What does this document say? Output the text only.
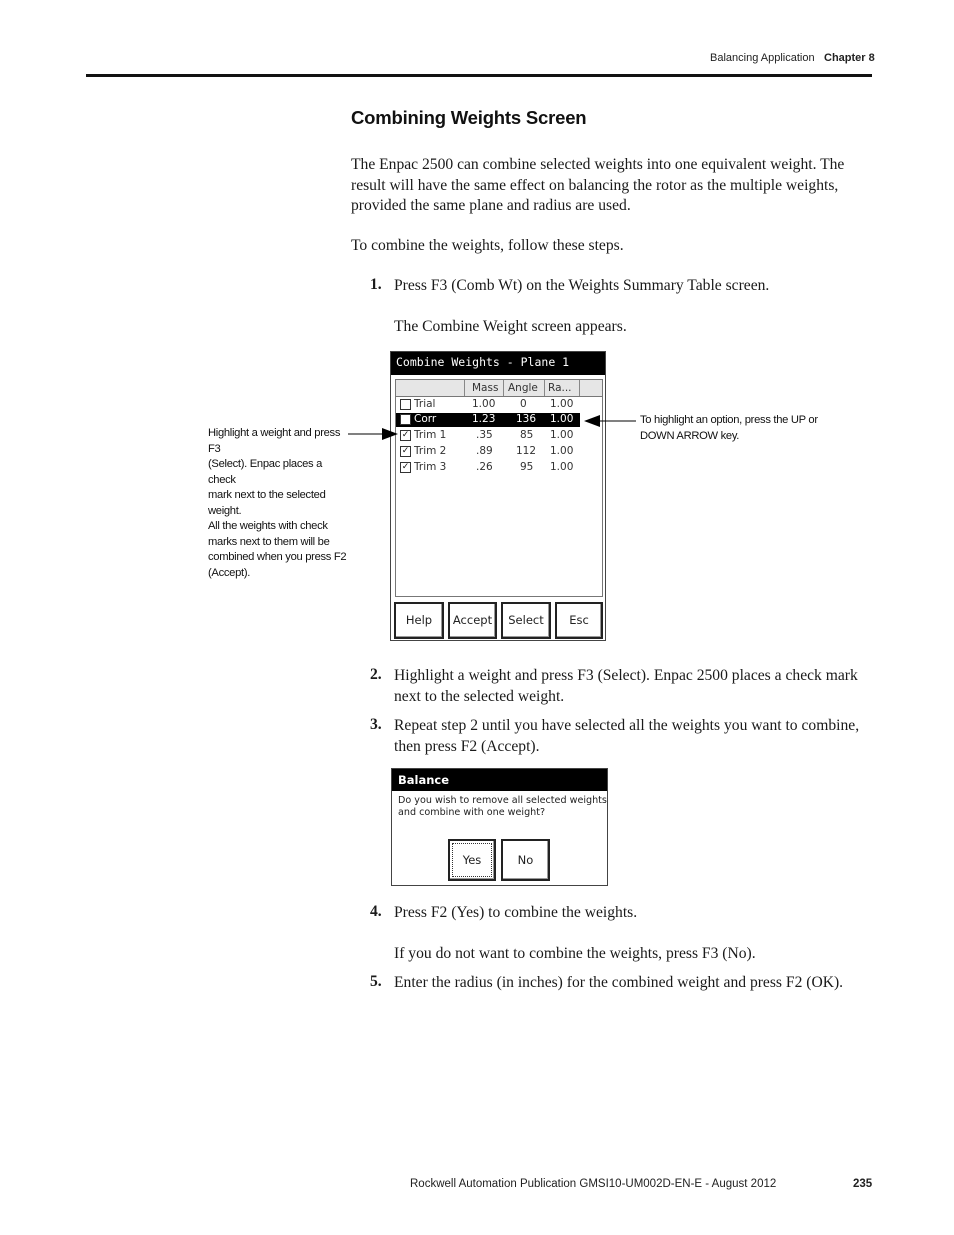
Balancing Application Chapter 8
Combining Weights Screen
The Enpac 2500 can combine selected weights into one equivalent weight. The result will have the same effect on balancing the rotor as the multiple weights, provided the same plane and radius are used.
To combine the weights, follow these steps.
1. Press F3 (Comb Wt) on the Weights Summary Table screen.
The Combine Weight screen appears.
Combine Weights - Plane 1
Mass Angle Ra...
Trial	1.00 0 1.00
Corr	1.23 136 1.00
✓ Trim 1	.35	85 1.00
✓ Trim 2	.89 112 1.00
✓ Trim 3	.26	95 1.00
Help	Accept	Select	Esc
Highlight a weight and press F3
(Select). Enpac places a check
mark next to the selected
weight.
All the weights with check
marks next to them will be
combined when you press F2
(Accept).
To highlight an option, press the UP or
DOWN ARROW key.
2. Highlight a weight and press F3 (Select). Enpac 2500 places a check mark next to the selected weight.
3. Repeat step 2 until you have selected all the weights you want to combine, then press F2 (Accept).
Balance
Do you wish to remove all selected weights
and combine with one weight?
Yes	No
4. Press F2 (Yes) to combine the weights.
If you do not want to combine the weights, press F3 (No).
5. Enter the radius (in inches) for the combined weight and press F2 (OK).
Rockwell Automation Publication GMSI10-UM002D-EN-E - August 2012	235
